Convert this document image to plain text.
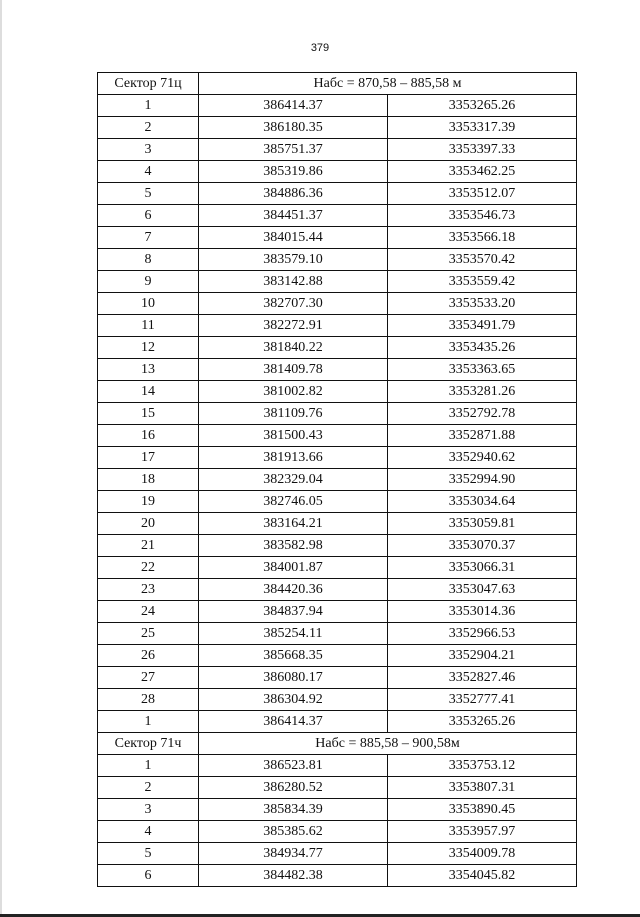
379
Сектор 71ц	Набс = 870,58 – 885,58 м	
1	386414.37	3353265.26
2	386180.35	3353317.39
3	385751.37	3353397.33
4	385319.86	3353462.25
5	384886.36	3353512.07
6	384451.37	3353546.73
7	384015.44	3353566.18
8	383579.10	3353570.42
9	383142.88	3353559.42
10	382707.30	3353533.20
11	382272.91	3353491.79
12	381840.22	3353435.26
13	381409.78	3353363.65
14	381002.82	3353281.26
15	381109.76	3352792.78
16	381500.43	3352871.88
17	381913.66	3352940.62
18	382329.04	3352994.90
19	382746.05	3353034.64
20	383164.21	3353059.81
21	383582.98	3353070.37
22	384001.87	3353066.31
23	384420.36	3353047.63
24	384837.94	3353014.36
25	385254.11	3352966.53
26	385668.35	3352904.21
27	386080.17	3352827.46
28	386304.92	3352777.41
1	386414.37	3353265.26
Сектор 71ч	Набс = 885,58 – 900,58м	
1	386523.81	3353753.12
2	386280.52	3353807.31
3	385834.39	3353890.45
4	385385.62	3353957.97
5	384934.77	3354009.78
6	384482.38	3354045.82
